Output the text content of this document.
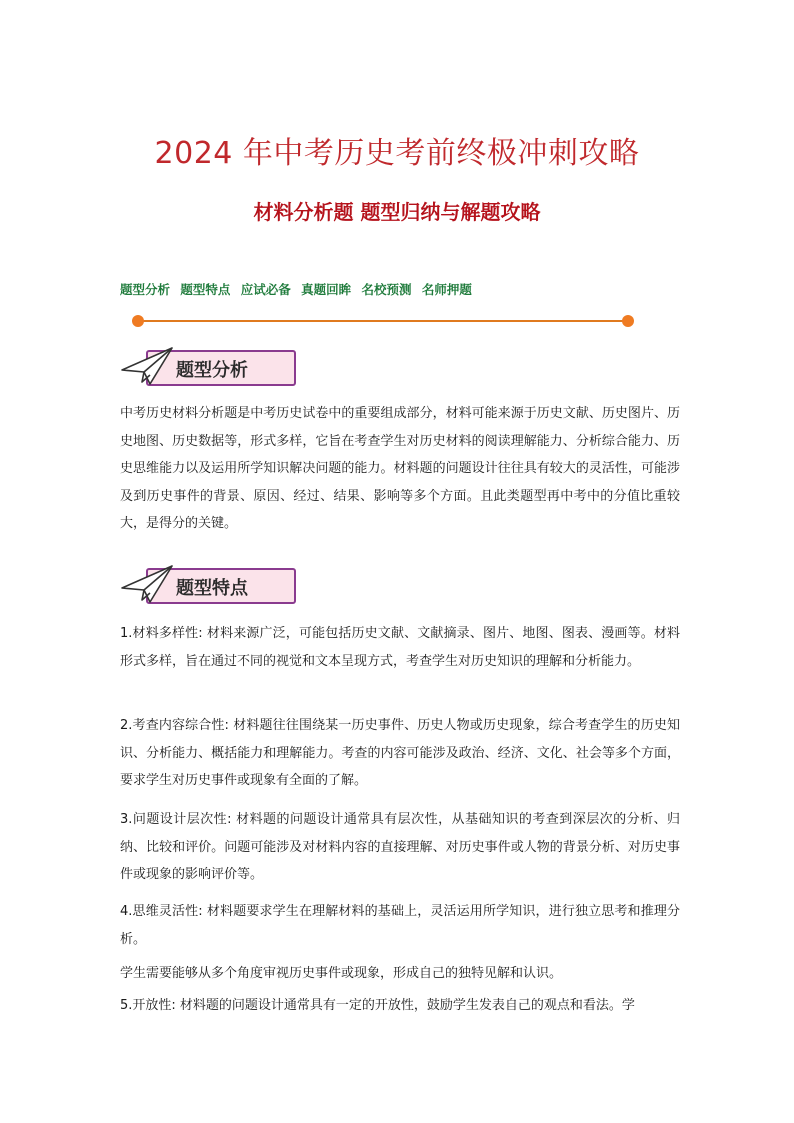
2024 年中考历史考前终极冲刺攻略
材料分析题 题型归纳与解题攻略
题型分析 题型特点 应试必备 真题回眸 名校预测 名师押题
题型分析
中考历史材料分析题是中考历史试卷中的重要组成部分，材料可能来源于历史文献、历史图片、历史地图、历史数据等，形式多样，它旨在考查学生对历史材料的阅读理解能力、分析综合能力、历史思维能力以及运用所学知识解决问题的能力。材料题的问题设计往往具有较大的灵活性，可能涉及到历史事件的背景、原因、经过、结果、影响等多个方面。且此类题型再中考中的分值比重较大，是得分的关键。
题型特点
1.材料多样性: 材料来源广泛，可能包括历史文献、文献摘录、图片、地图、图表、漫画等。材料形式多样，旨在通过不同的视觉和文本呈现方式，考查学生对历史知识的理解和分析能力。
2.考查内容综合性: 材料题往往围绕某一历史事件、历史人物或历史现象，综合考查学生的历史知识、分析能力、概括能力和理解能力。考查的内容可能涉及政治、经济、文化、社会等多个方面，要求学生对历史事件或现象有全面的了解。
3.问题设计层次性: 材料题的问题设计通常具有层次性，从基础知识的考查到深层次的分析、归纳、比较和评价。问题可能涉及对材料内容的直接理解、对历史事件或人物的背景分析、对历史事件或现象的影响评价等。
4.思维灵活性: 材料题要求学生在理解材料的基础上，灵活运用所学知识，进行独立思考和推理分析。
学生需要能够从多个角度审视历史事件或现象，形成自己的独特见解和认识。
5.开放性: 材料题的问题设计通常具有一定的开放性，鼓励学生发表自己的观点和看法。学
